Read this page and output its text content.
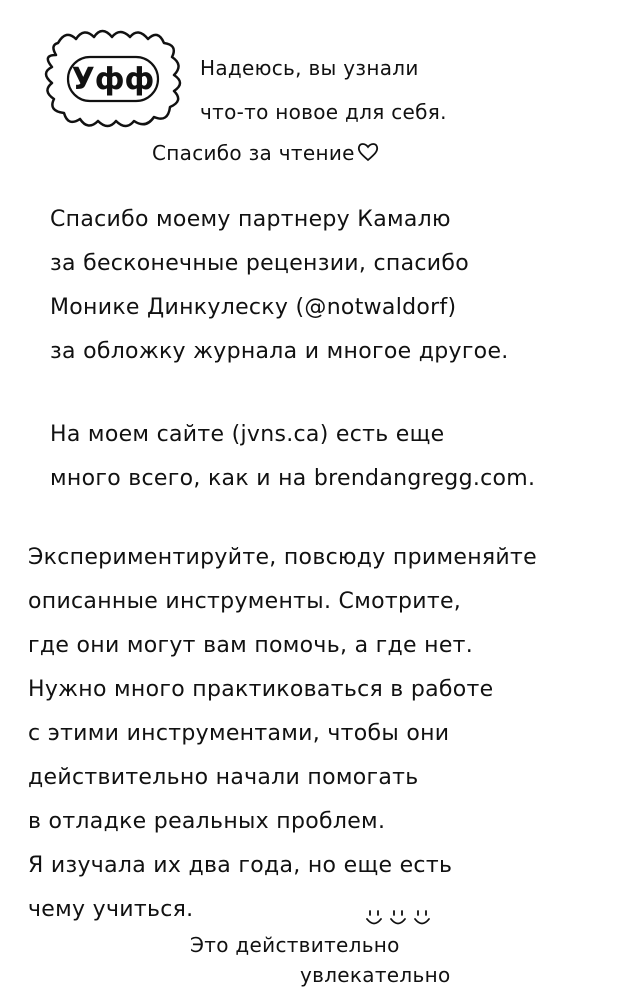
Уфф	Надеюсь, вы узнали
что-то новое для себя.
Спасибо за чтение
Спасибо моему партнеру Камалю
за бесконечные рецензии, спасибо
Монике Динкулеску (@notwaldorf)
за обложку журнала и многое другое.
На моем сайте (jvns.ca) есть еще
много всего, как и на brendangregg.com.
Экспериментируйте, повсюду применяйте
описанные инструменты. Смотрите,
где они могут вам помочь, а где нет.
Нужно много практиковаться в работе
с этими инструментами, чтобы они
действительно начали помогать
в отладке реальных проблем.
Я изучала их два года, но еще есть
чему учиться.
Это действительно
увлекательно
